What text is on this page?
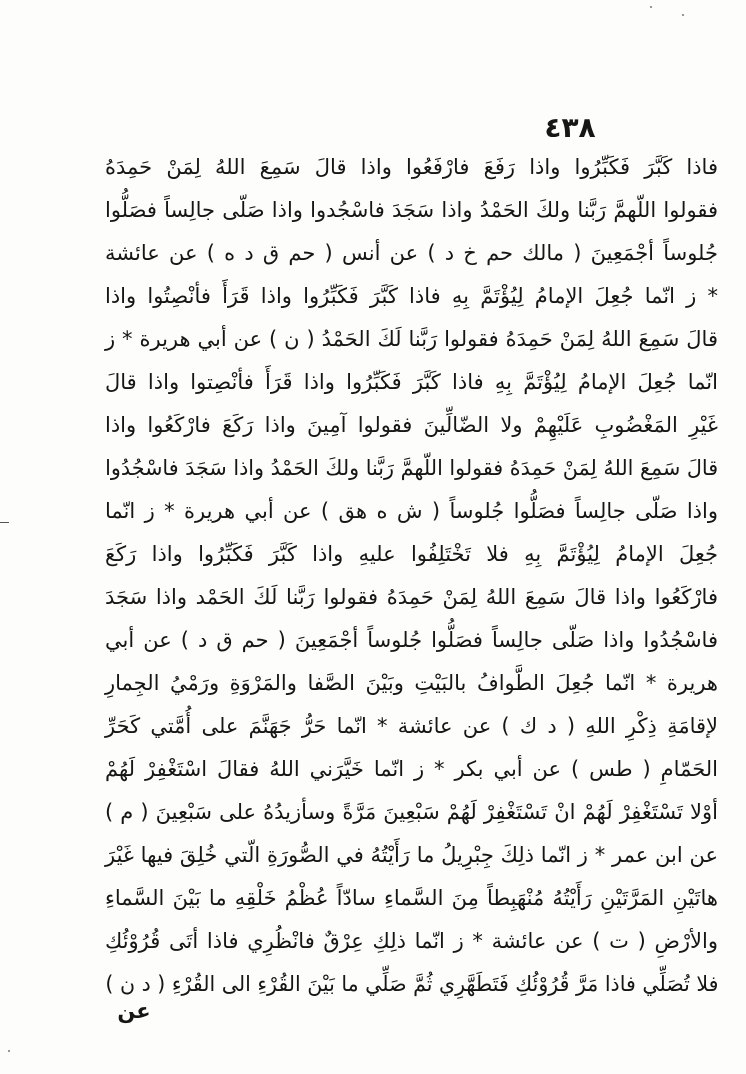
٤٣٨
فاذا كَبَّرَ فَكَبِّرُوا واذا رَفَعَ فارْفَعُوا واذا قالَ سَمِعَ اللهُ لِمَنْ حَمِدَهُ
فقولوا اللّهمَّ رَبَّنا ولكَ الحَمْدُ واذا سَجَدَ فاسْجُدوا واذا صَلّى جالِساً فصَلُّوا
جُلوساً أجْمَعِينَ ( مالك حم خ د ) عن أنس ( حم ق د ه ) عن عائشة
* ز انّما جُعِلَ الإمامُ لِيُؤْتَمَّ بِهِ فاذا كَبَّرَ فَكَبِّرُوا واذا قَرَأَ فأنْصِتُوا واذا
قالَ سَمِعَ اللهُ لِمَنْ حَمِدَهُ فقولوا رَبَّنا لَكَ الحَمْدُ ( ن ) عن أبي هريرة * ز
انّما جُعِلَ الإمامُ لِيُؤْتَمَّ بِهِ فاذا كَبَّرَ فَكَبِّرُوا واذا قَرَأَ فأنْصِتوا واذا قالَ
غَيْرِ المَغْضُوبِ عَلَيْهِمْ ولا الضّالِّينَ فقولوا آمِينَ واذا رَكَعَ فارْكَعُوا واذا
قالَ سَمِعَ اللهُ لِمَنْ حَمِدَهُ فقولوا اللّهمَّ رَبَّنا ولكَ الحَمْدُ واذا سَجَدَ فاسْجُدُوا
واذا صَلّى جالِساً فصَلُّوا جُلوساً ( ش ه هق ) عن أبي هريرة * ز انّما
جُعِلَ الإمامُ لِيُؤْتَمَّ بِهِ فلا تَخْتَلِفُوا عليهِ واذا كَبَّرَ فَكَبِّرُوا واذا رَكَعَ
فارْكَعُوا واذا قالَ سَمِعَ اللهُ لِمَنْ حَمِدَهُ فقولوا رَبَّنا لَكَ الحَمْد واذا سَجَدَ
فاسْجُدُوا واذا صَلّى جالِساً فصَلُّوا جُلوساً أجْمَعِينَ ( حم ق د ) عن أبي
هريرة * انّما جُعِلَ الطَّوافُ بالبَيْتِ وبَيْنَ الصَّفا والمَرْوَةِ ورَمْيُ الجِمارِ
لإقامَةِ ذِكْرِ اللهِ ( د ك ) عن عائشة * انّما حَرُّ جَهَنَّمَ على أُمَّتي كَحَرِّ
الحَمّامِ ( طس ) عن أبي بكر * ز انّما خَيَّرَني اللهُ فقالَ اسْتَغْفِرْ لَهُمْ
أوْلا تَسْتَغْفِرْ لَهُمْ انْ تَسْتَغْفِرْ لَهُمْ سَبْعِينَ مَرَّةً وسأزيدُهُ على سَبْعِينَ ( م )
عن ابن عمر * ز انّما ذلِكَ جِبْرِيلُ ما رَأَيْتُهُ في الصُّورَةِ الّتي خُلِقَ فيها غَيْرَ
هاتَيْنِ المَرَّتَيْنِ رَأَيْتُهُ مُنْهَبِطاً مِنَ السَّماءِ سادّاً عُظْمُ خَلْقِهِ ما بَيْنَ السَّماءِ
والأرْضِ ( ت ) عن عائشة * ز انّما ذلِكِ عِرْقٌ فانْظُرِي فاذا أتَى قُرُوْئُكِ
فلا تُصَلِّي فاذا مَرَّ قُرُوْئُكِ فَتَطَهَّرِي ثُمَّ صَلِّي ما بَيْنَ القُرْءِ الى القُرْءِ ( د ن )
عن
